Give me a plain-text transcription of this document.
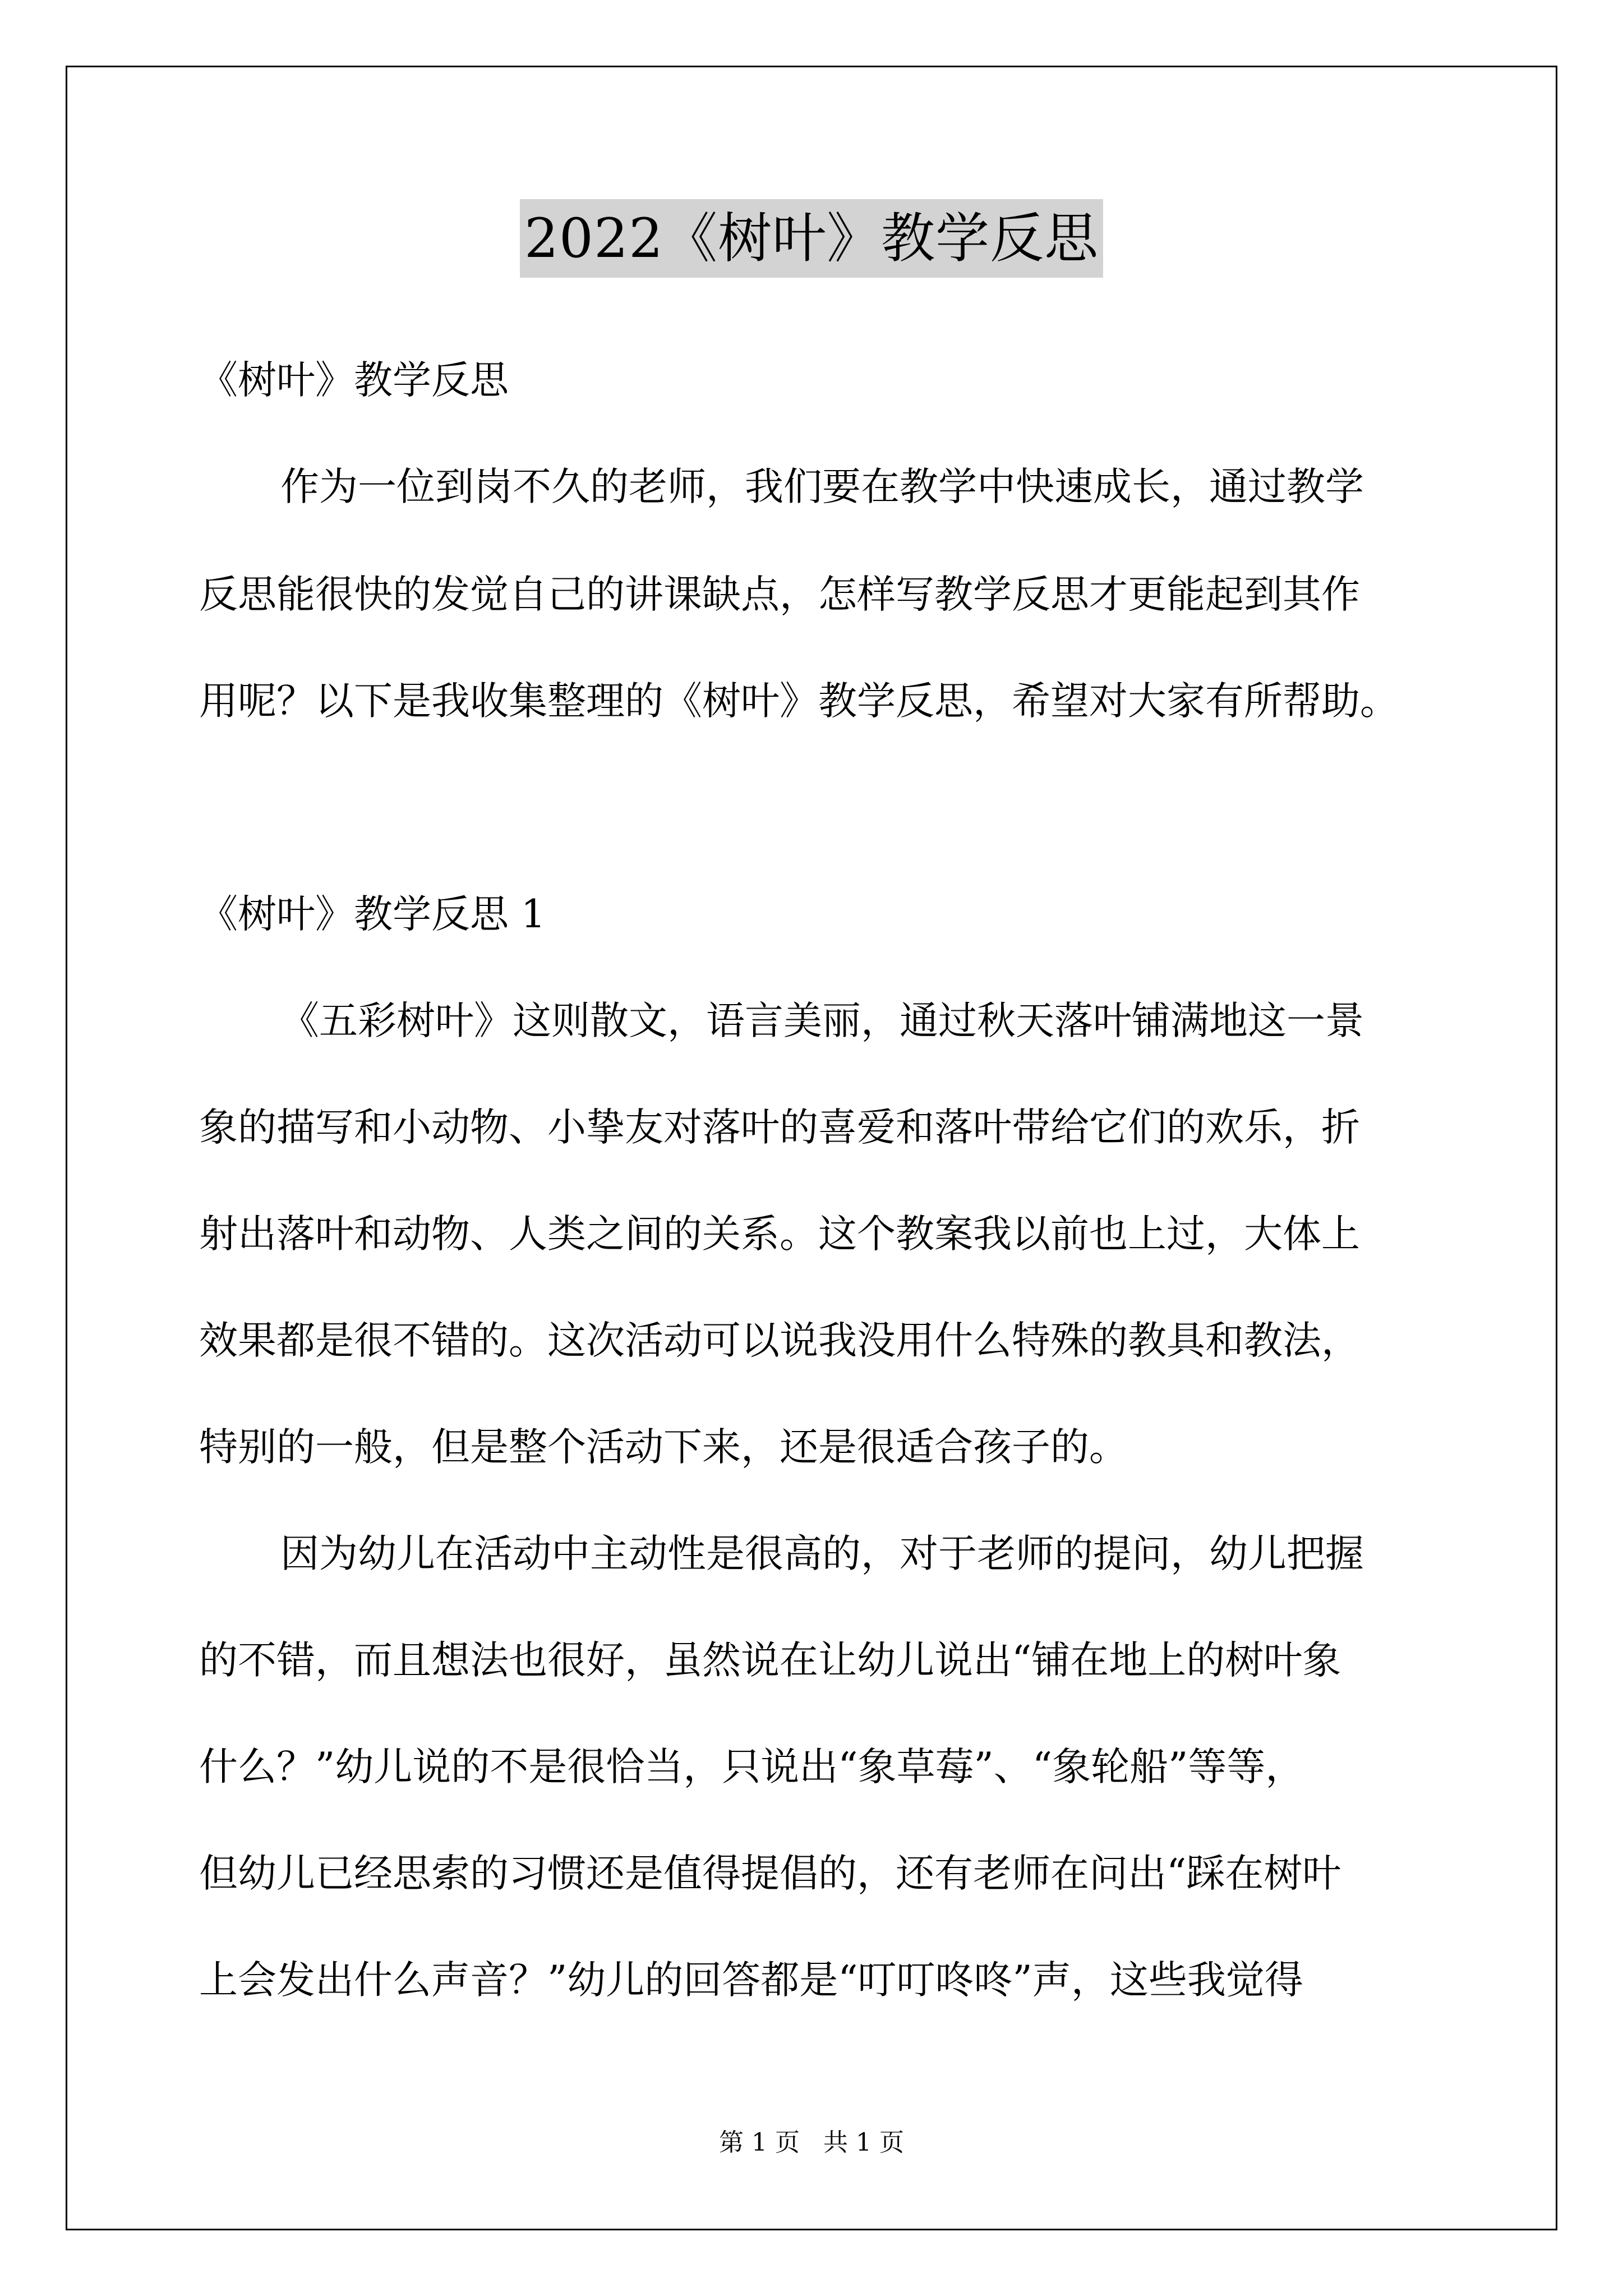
2022《树叶》教学反思
《树叶》教学反思
作为一位到岗不久的老师，我们要在教学中快速成长，通过教学
反思能很快的发觉自己的讲课缺点，怎样写教学反思才更能起到其作
用呢？以下是我收集整理的《树叶》教学反思，希望对大家有所帮助。
《树叶》教学反思 1
《五彩树叶》这则散文，语言美丽，通过秋天落叶铺满地这一景
象的描写和小动物、小挚友对落叶的喜爱和落叶带给它们的欢乐，折
射出落叶和动物、人类之间的关系。这个教案我以前也上过，大体上
效果都是很不错的。这次活动可以说我没用什么特殊的教具和教法，
特别的一般，但是整个活动下来，还是很适合孩子的。
因为幼儿在活动中主动性是很高的，对于老师的提问，幼儿把握
的不错，而且想法也很好，虽然说在让幼儿说出“铺在地上的树叶象
什么？”幼儿说的不是很恰当，只说出“象草莓”、“象轮船”等等，
但幼儿已经思索的习惯还是值得提倡的，还有老师在问出“踩在树叶
上会发出什么声音？”幼儿的回答都是“叮叮咚咚”声，这些我觉得
第 1 页 共 1 页
